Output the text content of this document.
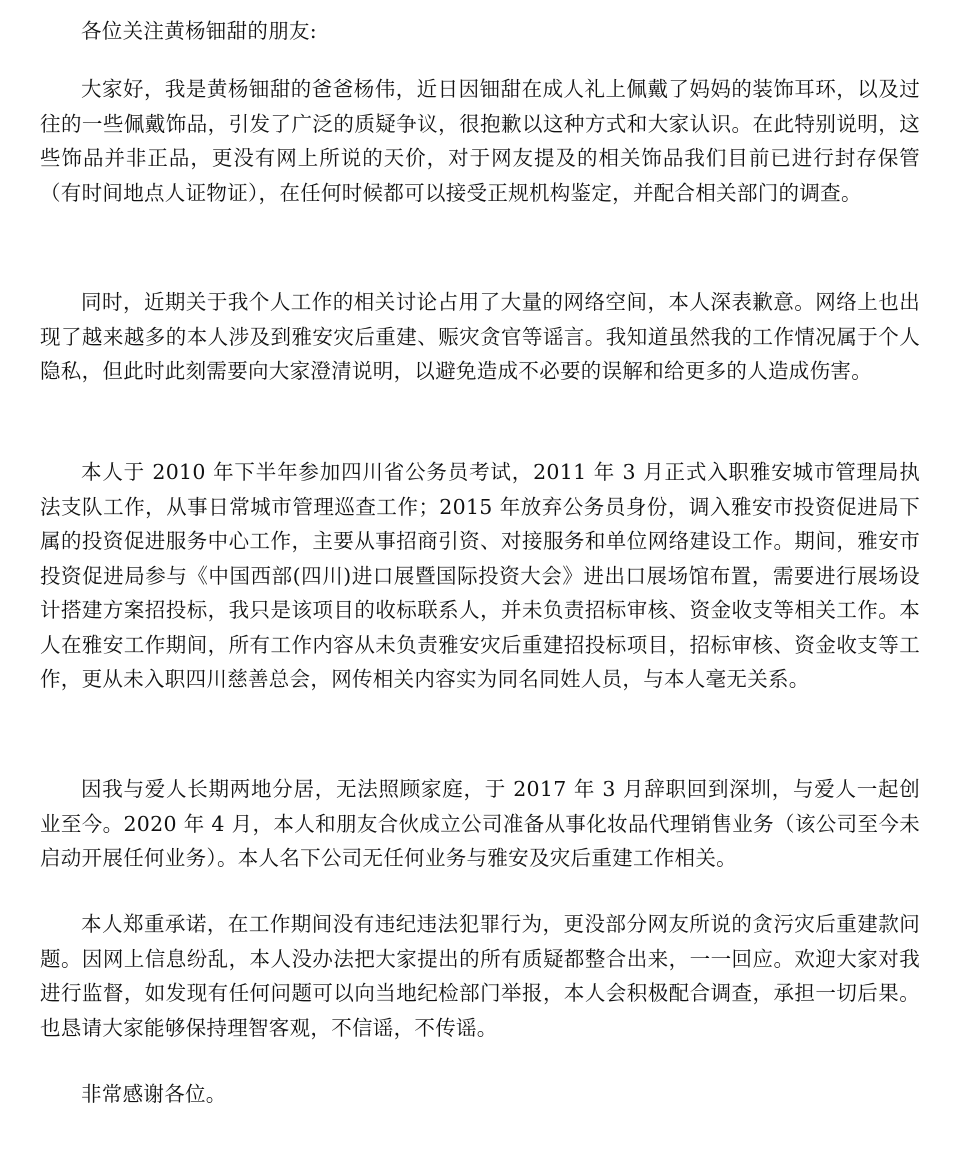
各位关注黄杨钿甜的朋友:

大家好，我是黄杨钿甜的爸爸杨伟，近日因钿甜在成人礼上佩戴了妈妈的装饰耳环，以及过往的一些佩戴饰品，引发了广泛的质疑争议，很抱歉以这种方式和大家认识。在此特别说明，这些饰品并非正品，更没有网上所说的天价，对于网友提及的相关饰品我们目前已进行封存保管（有时间地点人证物证），在任何时候都可以接受正规机构鉴定，并配合相关部门的调查。

同时，近期关于我个人工作的相关讨论占用了大量的网络空间，本人深表歉意。网络上也出现了越来越多的本人涉及到雅安灾后重建、赈灾贪官等谣言。我知道虽然我的工作情况属于个人隐私，但此时此刻需要向大家澄清说明，以避免造成不必要的误解和给更多的人造成伤害。

本人于 2010 年下半年参加四川省公务员考试，2011 年 3 月正式入职雅安城市管理局执法支队工作，从事日常城市管理巡查工作；2015 年放弃公务员身份，调入雅安市投资促进局下属的投资促进服务中心工作，主要从事招商引资、对接服务和单位网络建设工作。期间，雅安市投资促进局参与《中国西部(四川)进口展暨国际投资大会》进出口展场馆布置，需要进行展场设计搭建方案招投标，我只是该项目的收标联系人，并未负责招标审核、资金收支等相关工作。本人在雅安工作期间，所有工作内容从未负责雅安灾后重建招投标项目，招标审核、资金收支等工作，更从未入职四川慈善总会，网传相关内容实为同名同姓人员，与本人毫无关系。

因我与爱人长期两地分居，无法照顾家庭，于 2017 年 3 月辞职回到深圳，与爱人一起创业至今。2020 年 4 月，本人和朋友合伙成立公司准备从事化妆品代理销售业务（该公司至今未启动开展任何业务）。本人名下公司无任何业务与雅安及灾后重建工作相关。

本人郑重承诺，在工作期间没有违纪违法犯罪行为，更没部分网友所说的贪污灾后重建款问题。因网上信息纷乱，本人没办法把大家提出的所有质疑都整合出来，一一回应。欢迎大家对我进行监督，如发现有任何问题可以向当地纪检部门举报，本人会积极配合调查，承担一切后果。也恳请大家能够保持理智客观，不信谣，不传谣。

非常感谢各位。
